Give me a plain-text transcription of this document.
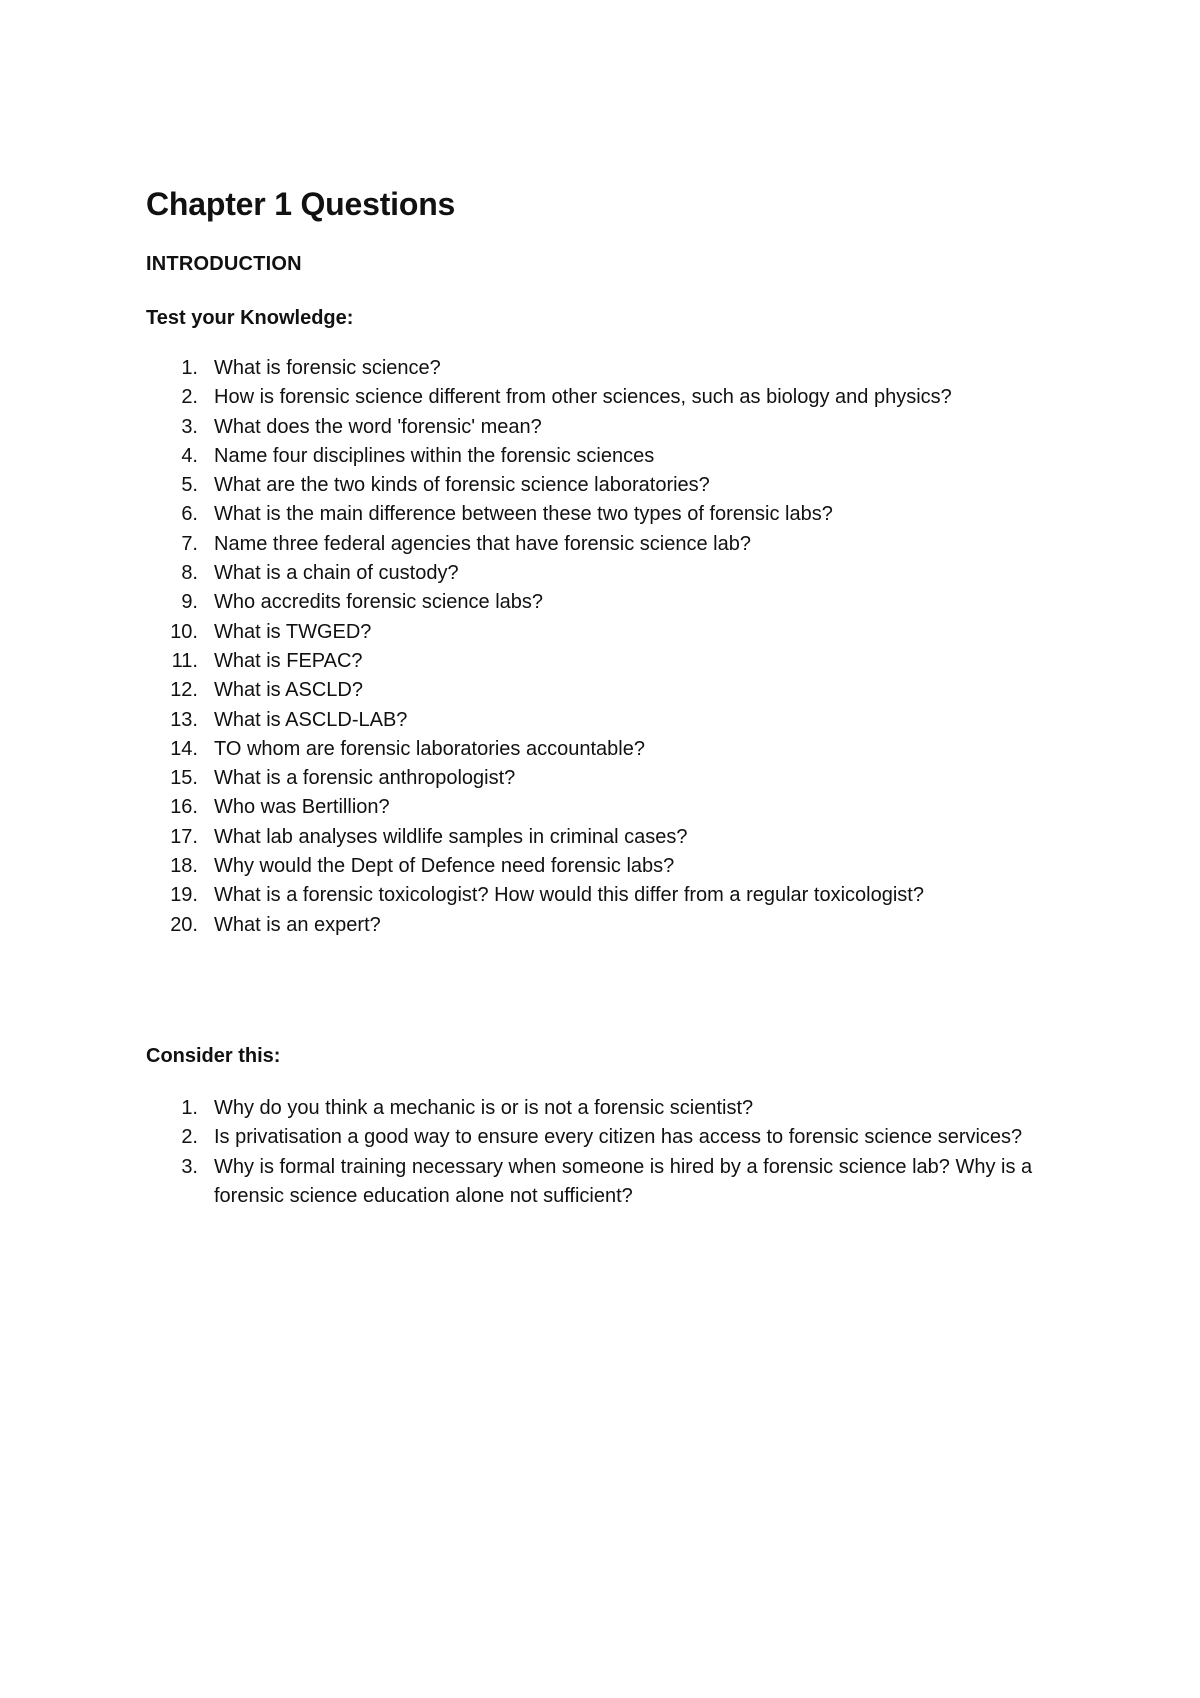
Chapter 1 Questions

INTRODUCTION

Test your Knowledge:

1. What is forensic science?
2. How is forensic science different from other sciences, such as biology and physics?
3. What does the word 'forensic' mean?
4. Name four disciplines within the forensic sciences
5. What are the two kinds of forensic science laboratories?
6. What is the main difference between these two types of forensic labs?
7. Name three federal agencies that have forensic science lab?
8. What is a chain of custody?
9. Who accredits forensic science labs?
10. What is TWGED?
11. What is FEPAC?
12. What is ASCLD?
13. What is ASCLD-LAB?
14. TO whom are forensic laboratories accountable?
15. What is a forensic anthropologist?
16. Who was Bertillion?
17. What lab analyses wildlife samples in criminal cases?
18. Why would the Dept of Defence need forensic labs?
19. What is a forensic toxicologist? How would this differ from a regular toxicologist?
20. What is an expert?

Consider this:

1. Why do you think a mechanic is or is not a forensic scientist?
2. Is privatisation a good way to ensure every citizen has access to forensic science services?
3. Why is formal training necessary when someone is hired by a forensic science lab? Why is a forensic science education alone not sufficient?
